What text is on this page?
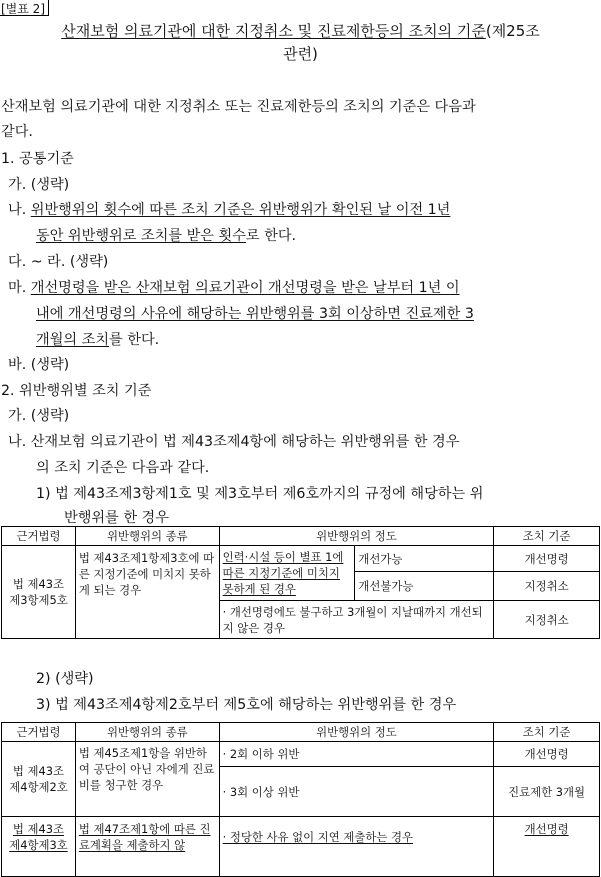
[별표 2]
산재보험 의료기관에 대한 지정취소 및 진료제한등의 조치의 기준(제25조
관련)
산재보험 의료기관에 대한 지정취소 또는 진료제한등의 조치의 기준은 다음과
같다.
1. 공통기준
가. (생략)
나. 위반행위의 횟수에 따른 조치 기준은 위반행위가 확인된 날 이전 1년
동안 위반행위로 조치를 받은 횟수로 한다.
다. ~ 라. (생략)
마. 개선명령을 받은 산재보험 의료기관이 개선명령을 받은 날부터 1년 이
내에 개선명령의 사유에 해당하는 위반행위를 3회 이상하면 진료제한 3
개월의 조치를 한다.
바. (생략)
2. 위반행위별 조치 기준
가. (생략)
나. 산재보험 의료기관이 법 제43조제4항에 해당하는 위반행위를 한 경우
의 조치 기준은 다음과 같다.
1) 법 제43조제3항제1호 및 제3호부터 제6호까지의 규정에 해당하는 위
반행위를 한 경우
근거법령	위반행위의 종류	위반행위의 정도		조치 기준

법 제43조
제3항제5호	법 제43조제1항제3호에 따른 지정기준에 미치지 못하게 되는 경우	인력·시설 등이 별표 1에 따른 지정기준에 미치지 못하게 된 경우	개선가능	개선명령
			개선불가능	지정취소
		· 개선명령에도 불구하고 3개월이 지날때까지 개선되지 않은 경우		지정취소
2) (생략)
3) 법 제43조제4항제2호부터 제5호에 해당하는 위반행위를 한 경우
근거법령	위반행위의 종류	위반행위의 정도	조치 기준

법 제43조
제4항제2호	법 제45조제1항을 위반하여 공단이 아닌 자에게 진료비를 청구한 경우	· 2회 이하 위반	개선명령
		· 3회 이상 위반	진료제한 3개월

법 제43조
제4항제3호	법 제47조제1항에 따른 진료계획을 제출하지 않	· 정당한 사유 없이 지연 제출하는 경우	개선명령
